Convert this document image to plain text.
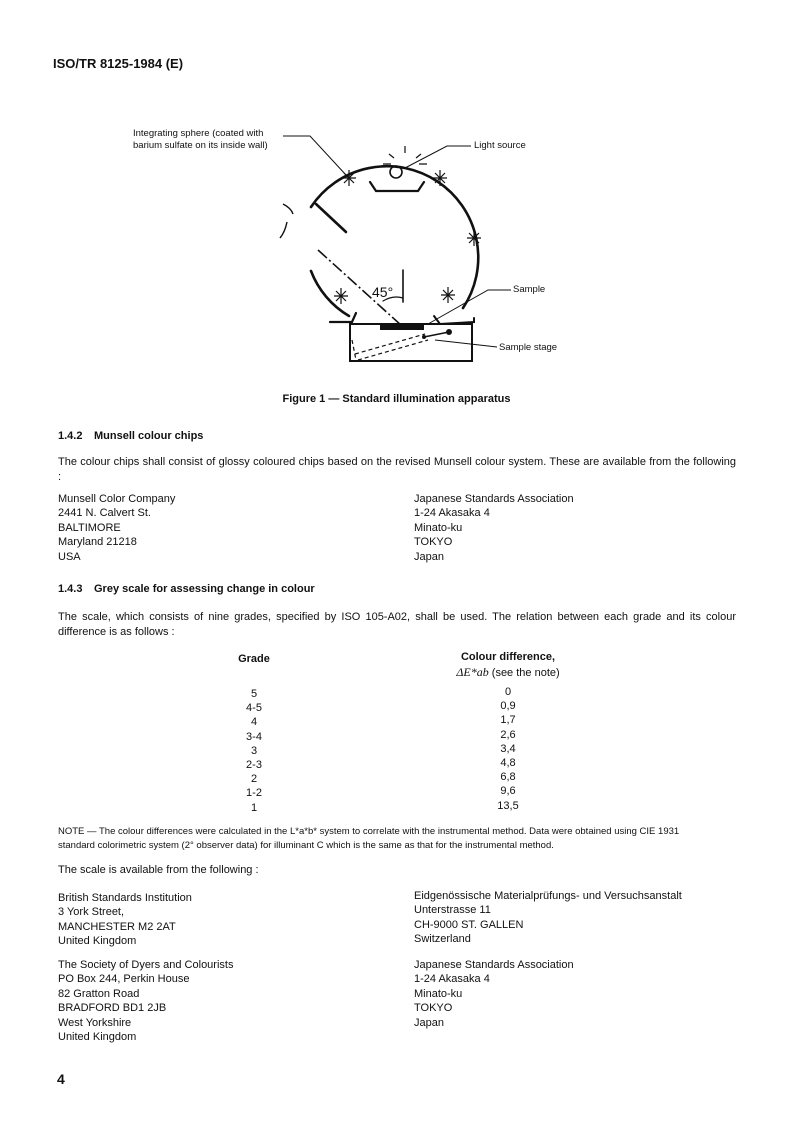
ISO/TR 8125-1984 (E)
45°
Integrating sphere (coated with
barium sulfate on its inside wall)	Light source
Sample
Sample stage
Figure 1 — Standard illumination apparatus
1.4.2 Munsell colour chips
The colour chips shall consist of glossy coloured chips based on the revised Munsell colour system. These are available from the following :
Munsell Color Company
2441 N. Calvert St.
BALTIMORE
Maryland 21218
USA
Japanese Standards Association
1-24 Akasaka 4
Minato-ku
TOKYO
Japan
1.4.3 Grey scale for assessing change in colour
The scale, which consists of nine grades, specified by ISO 105-A02, shall be used. The relation between each grade and its colour difference is as follows :
Grade	Colour difference,
ΔE*ab (see the note)
5
4-5
4
3-4
3
2-3
2
1-2
1
0
0,9
1,7
2,6
3,4
4,8
6,8
9,6
13,5
NOTE — The colour differences were calculated in the L*a*b* system to correlate with the instrumental method. Data were obtained using CIE 1931
standard colorimetric system (2° observer data) for illuminant C which is the same as that for the instrumental method.
The scale is available from the following :
British Standards Institution
3 York Street,
MANCHESTER M2 2AT
United Kingdom
Eidgenössische Materialprüfungs- und Versuchsanstalt
Unterstrasse 11
CH-9000 ST. GALLEN
Switzerland
The Society of Dyers and Colourists
PO Box 244, Perkin House
82 Gratton Road
BRADFORD BD1 2JB
West Yorkshire
United Kingdom
Japanese Standards Association
1-24 Akasaka 4
Minato-ku
TOKYO
Japan
4
